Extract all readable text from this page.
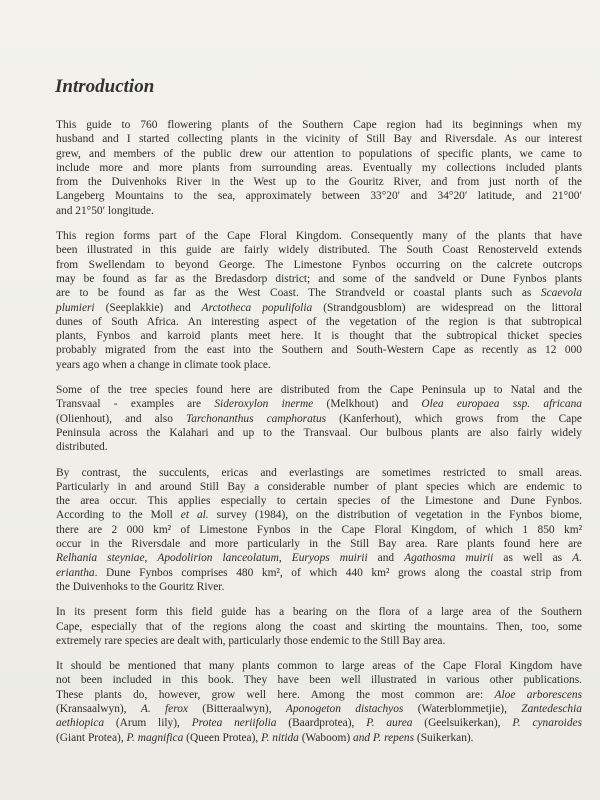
Introduction
This guide to 760 flowering plants of the Southern Cape region had its beginnings when my
husband and I started collecting plants in the vicinity of Still Bay and Riversdale. As our interest
grew, and members of the public drew our attention to populations of specific plants, we came to
include more and more plants from surrounding areas. Eventually my collections included plants
from the Duivenhoks River in the West up to the Gouritz River, and from just north of the
Langeberg Mountains to the sea, approximately between 33°20′ and 34°20′ latitude, and 21°00′
and 21°50′ longitude.
This region forms part of the Cape Floral Kingdom. Consequently many of the plants that have
been illustrated in this guide are fairly widely distributed. The South Coast Renosterveld extends
from Swellendam to beyond George. The Limestone Fynbos occurring on the calcrete outcrops
may be found as far as the Bredasdorp district; and some of the sandveld or Dune Fynbos plants
are to be found as far as the West Coast. The Strandveld or coastal plants such as Scaevola
plumieri (Seeplakkie) and Arctotheca populifolia (Strandgousblom) are widespread on the littoral
dunes of South Africa. An interesting aspect of the vegetation of the region is that subtropical
plants, Fynbos and karroid plants meet here. It is thought that the subtropical thicket species
probably migrated from the east into the Southern and South-Western Cape as recently as 12 000
years ago when a change in climate took place.
Some of the tree species found here are distributed from the Cape Peninsula up to Natal and the
Transvaal - examples are Sideroxylon inerme (Melkhout) and Olea europaea ssp. africana
(Olienhout), and also Tarchonanthus camphoratus (Kanferhout), which grows from the Cape
Peninsula across the Kalahari and up to the Transvaal. Our bulbous plants are also fairly widely
distributed.
By contrast, the succulents, ericas and everlastings are sometimes restricted to small areas.
Particularly in and around Still Bay a considerable number of plant species which are endemic to
the area occur. This applies especially to certain species of the Limestone and Dune Fynbos.
According to the Moll et al. survey (1984), on the distribution of vegetation in the Fynbos biome,
there are 2 000 km² of Limestone Fynbos in the Cape Floral Kingdom, of which 1 850 km²
occur in the Riversdale and more particularly in the Still Bay area. Rare plants found here are
Relhania steyniae, Apodolirion lanceolatum, Euryops muirii and Agathosma muirii as well as A.
eriantha. Dune Fynbos comprises 480 km², of which 440 km² grows along the coastal strip from
the Duivenhoks to the Gouritz River.
In its present form this field guide has a bearing on the flora of a large area of the Southern
Cape, especially that of the regions along the coast and skirting the mountains. Then, too, some
extremely rare species are dealt with, particularly those endemic to the Still Bay area.
It should be mentioned that many plants common to large areas of the Cape Floral Kingdom have
not been included in this book. They have been well illustrated in various other publications.
These plants do, however, grow well here. Among the most common are: Aloe arborescens
(Kransaalwyn), A. ferox (Bitteraalwyn), Aponogeton distachyos (Waterblommetjie), Zantedeschia
aethiopica (Arum lily), Protea neriifolia (Baardprotea), P. aurea (Geelsuikerkan), P. cynaroides
(Giant Protea), P. magnifica (Queen Protea), P. nitida (Waboom) and P. repens (Suikerkan).
